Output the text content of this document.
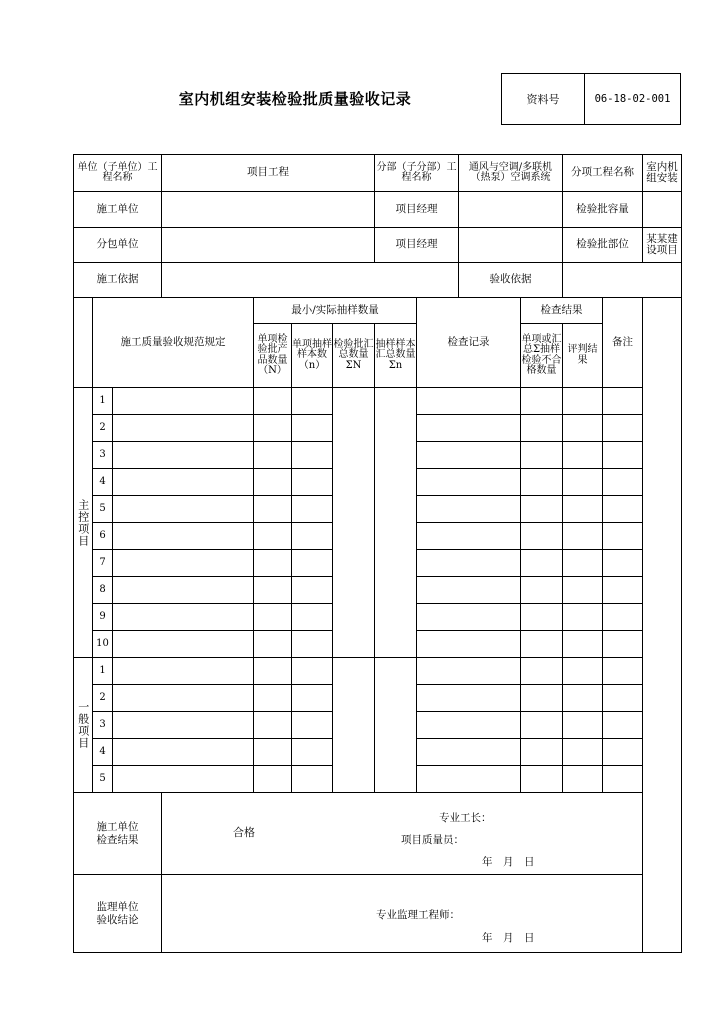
室内机组安装检验批质量验收记录	资料号	06-18-02-001
单位（子单位）工程名称			项目工程				分部（子分部）工程名称		通风与空调/多联机（热泵）空调系统		分项工程名称		室内机组安装
施工单位							项目经理				检验批容量		
分包单位							项目经理				检验批部位		某某建设项目
施工依据									验收依据				
	施工质量验收规范规定			最小/实际抽样数量				检查记录		检查结果		备注	
				单项检验批产品数量（N）	单项抽样样本数（n）	检验批汇总数量ΣN	抽样样本汇总数量Σn			单项或汇总Σ抽样检验不合格数量	评判结果		
主控项目	1												
	2												
	3												
	4												
	5												
	6												
	7												
	8												
	9												
	10												
一般项目	1												
	2												
	3												
	4												
	5												

施工单位检查结果			合格
专业工长：
项目质量员：
年　月　日										

监理单位验收结论			专业监理工程师：
年　月　日										
